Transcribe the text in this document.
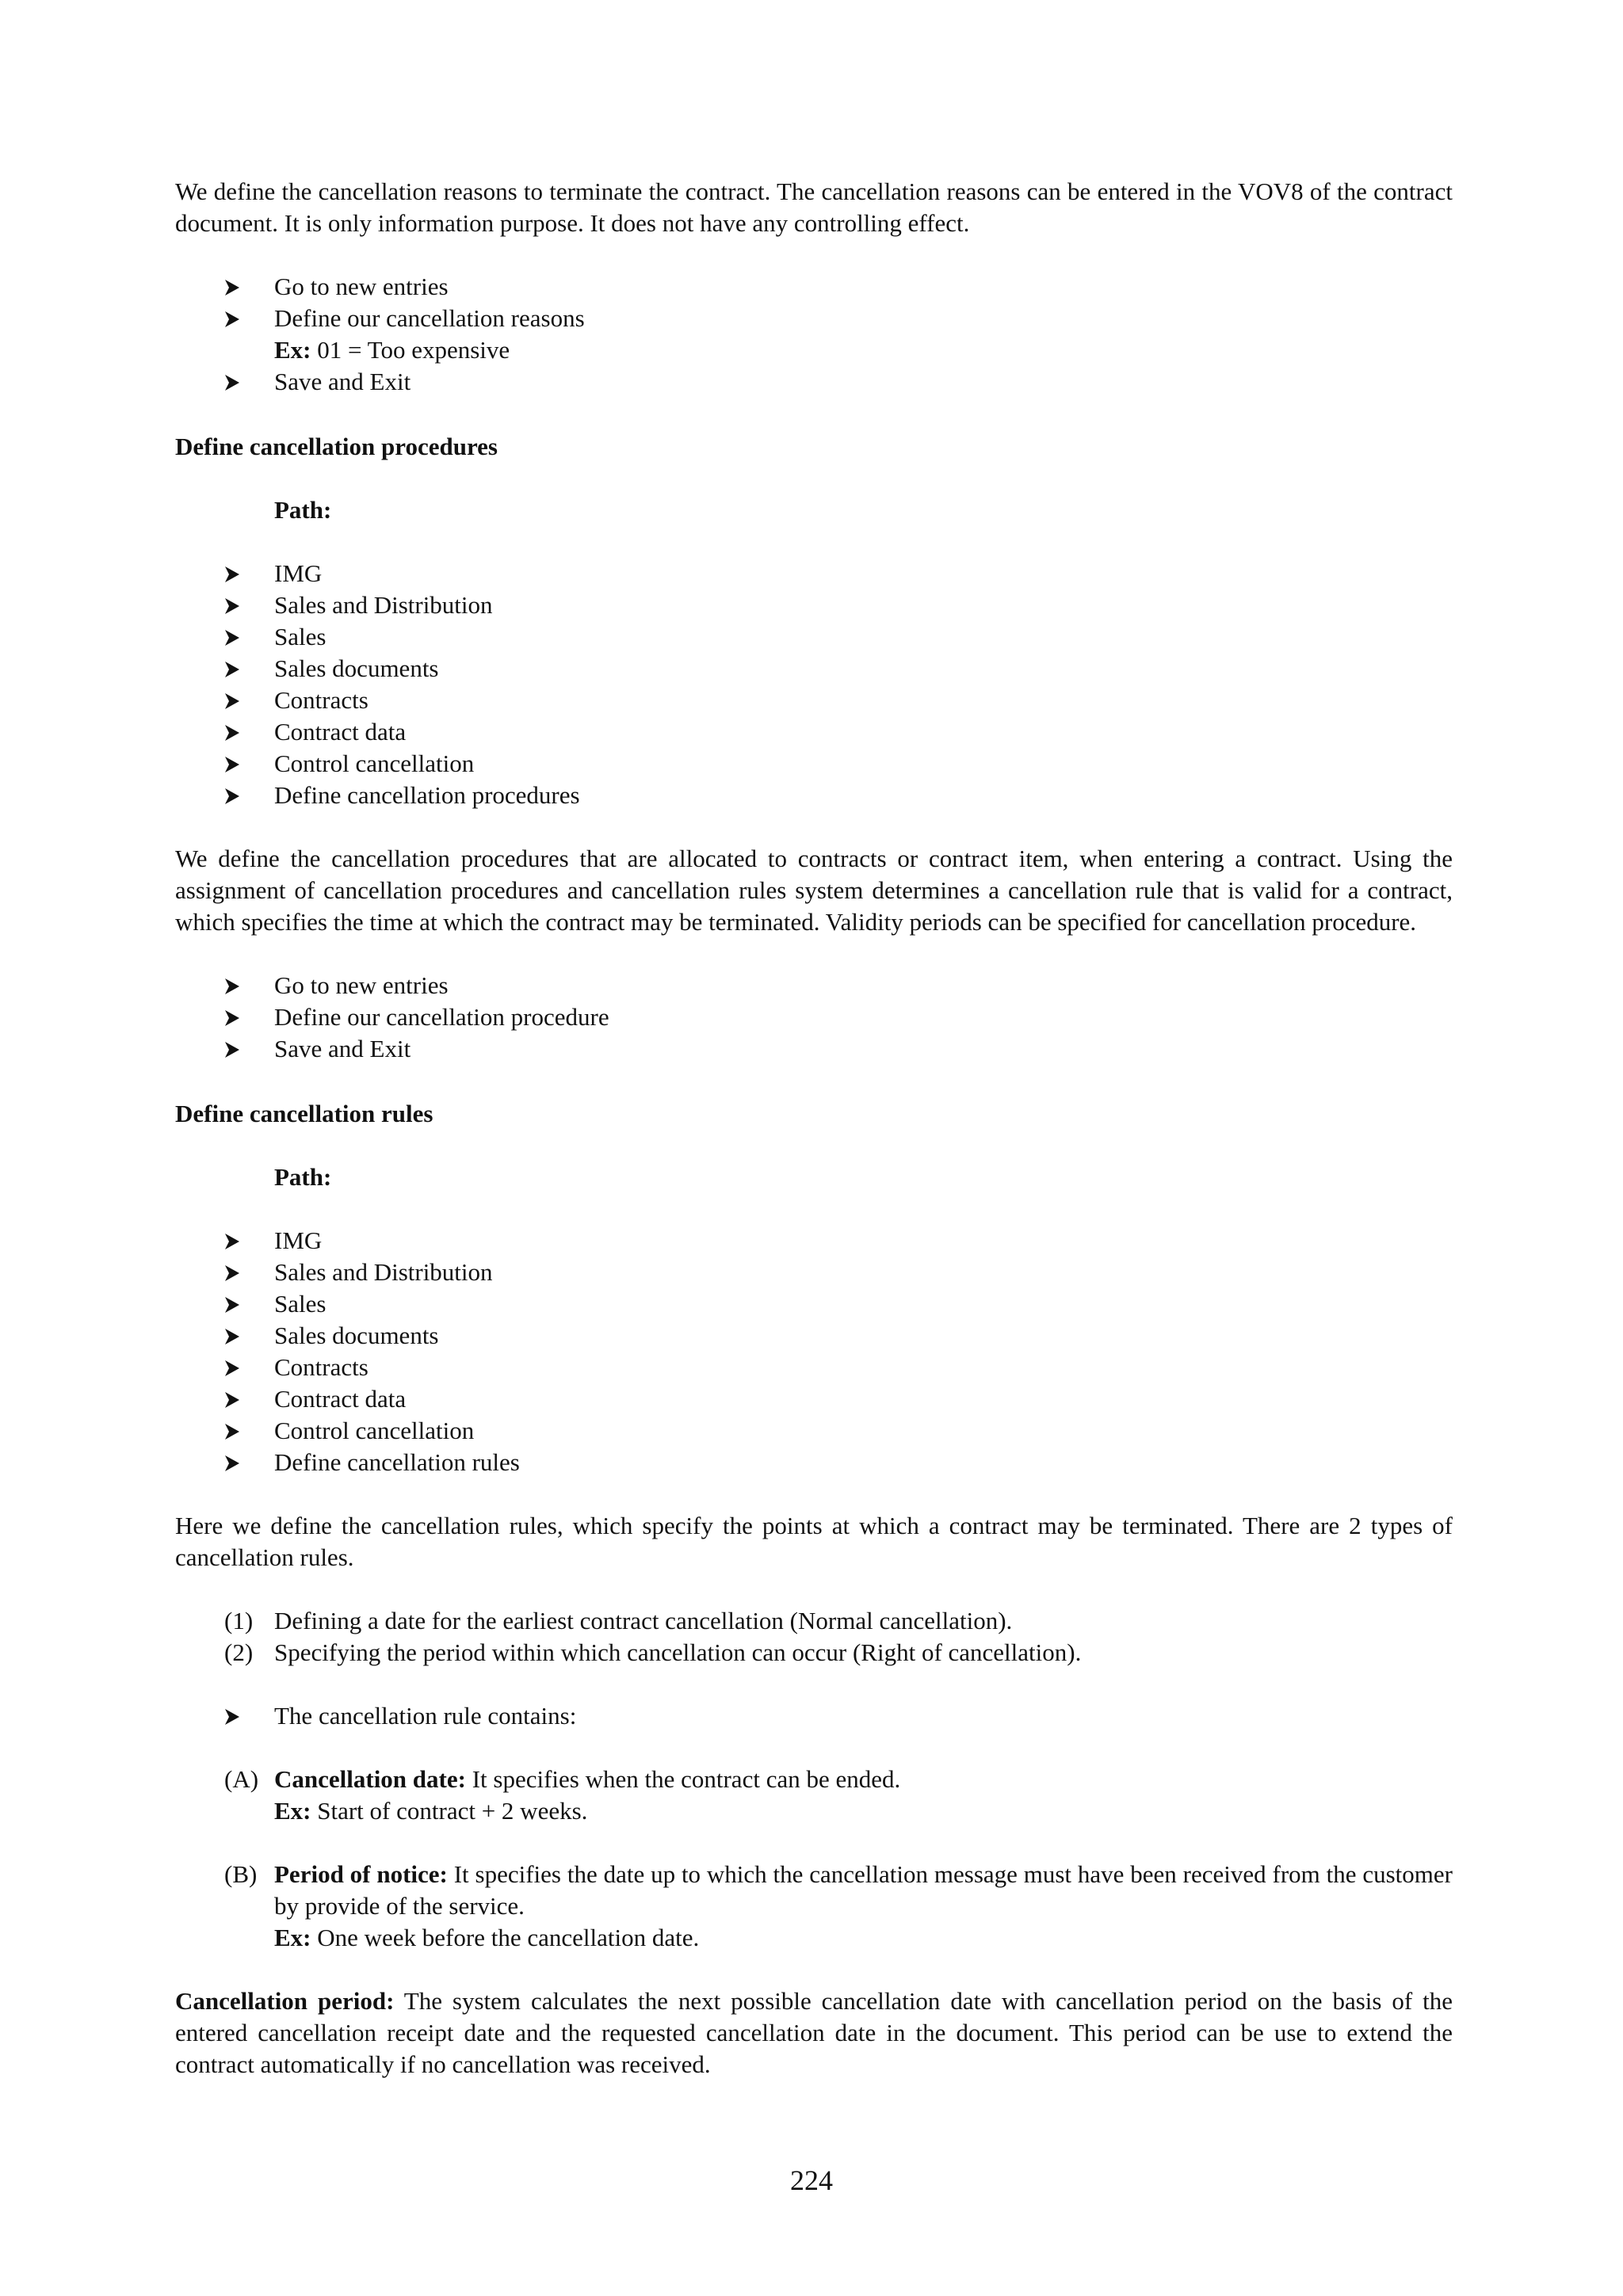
We define the cancellation reasons to terminate the contract. The cancellation reasons can be entered in the VOV8 of the contract document. It is only information purpose. It does not have any controlling effect.

Go to new entries
Define our cancellation reasons
Ex: 01 = Too expensive
Save and Exit

Define cancellation procedures

Path:

IMG
Sales and Distribution
Sales
Sales documents
Contracts
Contract data
Control cancellation
Define cancellation procedures

We define the cancellation procedures that are allocated to contracts or contract item, when entering a contract. Using the assignment of cancellation procedures and cancellation rules system determines a cancellation rule that is valid for a contract, which specifies the time at which the contract may be terminated. Validity periods can be specified for cancellation procedure.

Go to new entries
Define our cancellation procedure
Save and Exit

Define cancellation rules

Path:

IMG
Sales and Distribution
Sales
Sales documents
Contracts
Contract data
Control cancellation
Define cancellation rules

Here we define the cancellation rules, which specify the points at which a contract may be terminated. There are 2 types of cancellation rules.

(1) Defining a date for the earliest contract cancellation (Normal cancellation).
(2) Specifying the period within which cancellation can occur (Right of cancellation).
The cancellation rule contains:
(A) Cancellation date: It specifies when the contract can be ended.
Ex: Start of contract + 2 weeks.
(B) Period of notice: It specifies the date up to which the cancellation message must have been received from the customer by provide of the service.
Ex: One week before the cancellation date.

Cancellation period: The system calculates the next possible cancellation date with cancellation period on the basis of the entered cancellation receipt date and the requested cancellation date in the document. This period can be use to extend the contract automatically if no cancellation was received.

224
